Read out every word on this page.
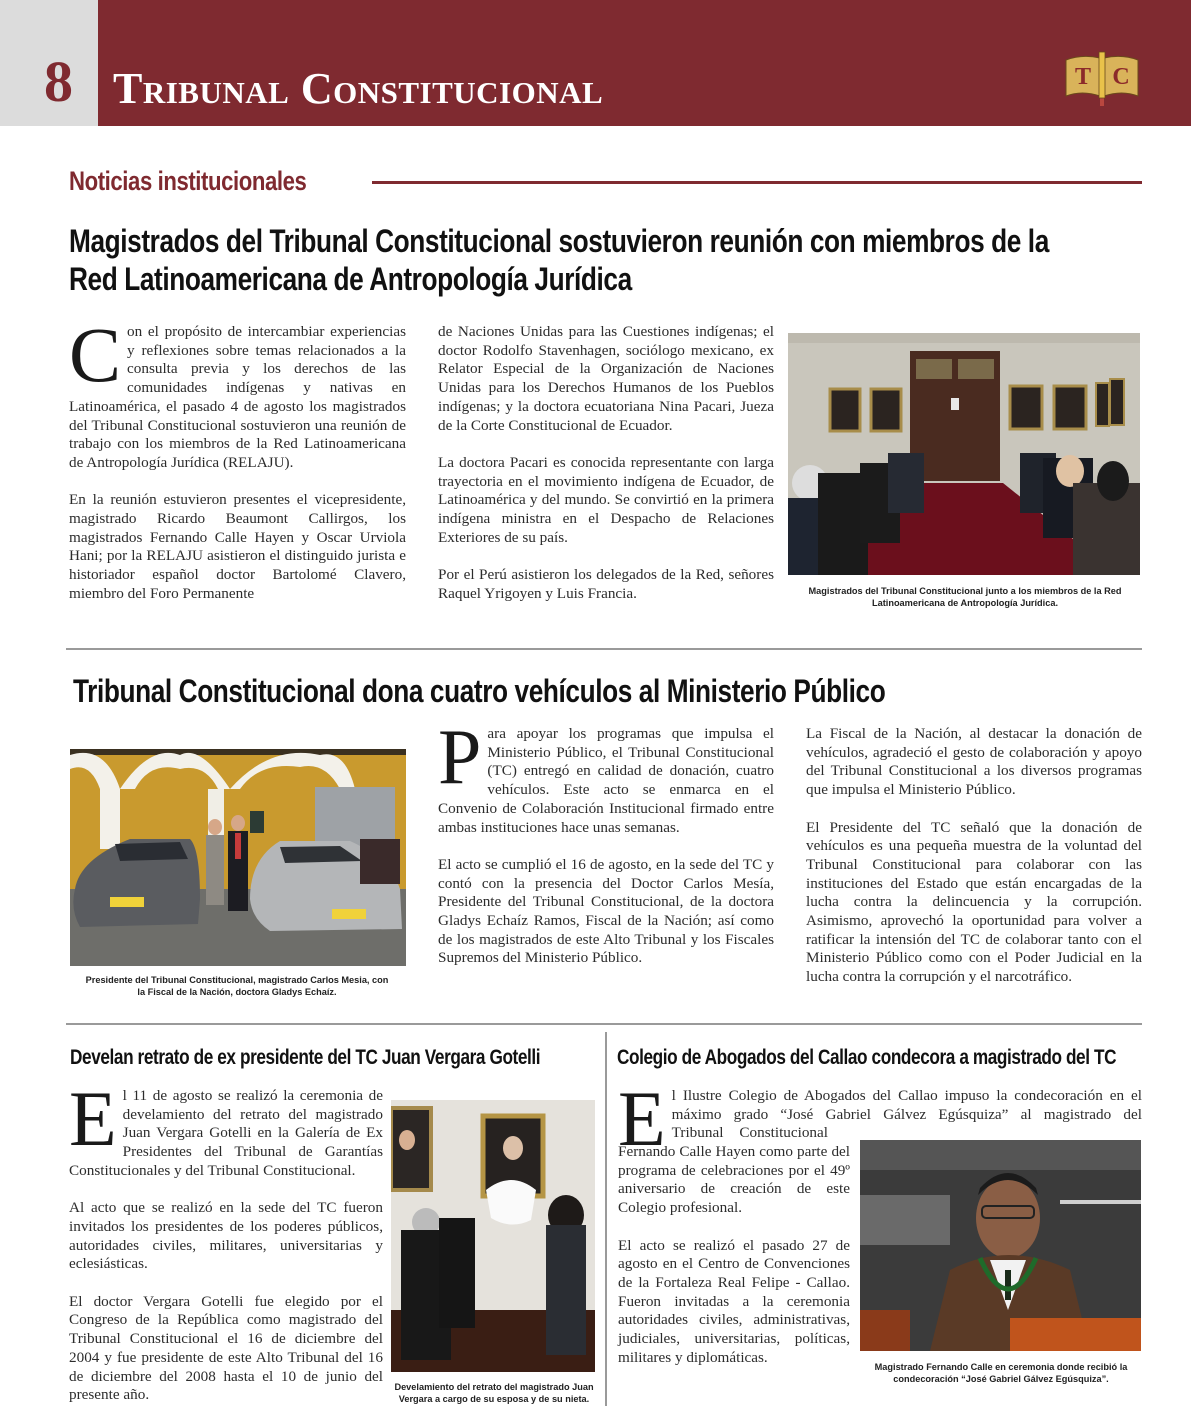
8 Tribunal Constitucional	T C
Noticias institucionales
Magistrados del Tribunal Constitucional sostuvieron reunión con miembros de la
Red Latinoamericana de Antropología Jurídica

Con el propósito de intercambiar experiencias y reflexiones sobre temas relacionados a la consulta previa y los derechos de las comunidades indígenas y nativas en Latinoamérica, el pasado 4 de agosto los magistrados del Tribunal Constitucional sostuvieron una reunión de trabajo con los miembros de la Red Latinoamericana de Antropología Jurídica (RELAJU).

En la reunión estuvieron presentes el vicepresidente, magistrado Ricardo Beaumont Callirgos, los magistrados Fernando Calle Hayen y Oscar Urviola Hani; por la RELAJU asistieron el distinguido jurista e historiador español doctor Bartolomé Clavero, miembro del Foro Permanente

de Naciones Unidas para las Cuestiones indígenas; el doctor Rodolfo Stavenhagen, sociólogo mexicano, ex Relator Especial de la Organización de Naciones Unidas para los Derechos Humanos de los Pueblos indígenas; y la doctora ecuatoriana Nina Pacari, Jueza de la Corte Constitucional de Ecuador.

La doctora Pacari es conocida representante con larga trayectoria en el movimiento indígena de Ecuador, de Latinoamérica y del mundo. Se convirtió en la primera indígena ministra en el Despacho de Relaciones Exteriores de su país.

Por el Perú asistieron los delegados de la Red, señores Raquel Yrigoyen y Luis Francia.	Magistrados del Tribunal Constitucional junto a los miembros de la Red Latinoamericana de Antropología Jurídica.
Tribunal Constitucional dona cuatro vehículos al Ministerio Público
Presidente del Tribunal Constitucional, magistrado Carlos Mesia, con la Fiscal de la Nación, doctora Gladys Echaíz.

Para apoyar los programas que impulsa el Ministerio Público, el Tribunal Constitucional (TC) entregó en calidad de donación, cuatro vehículos. Este acto se enmarca en el Convenio de Colaboración Institucional firmado entre ambas instituciones hace unas semanas.

El acto se cumplió el 16 de agosto, en la sede del TC y contó con la presencia del Doctor Carlos Mesía, Presidente del Tribunal Constitucional, de la doctora Gladys Echaíz Ramos, Fiscal de la Nación; así como de los magistrados de este Alto Tribunal y los Fiscales Supremos del Ministerio Público.

La Fiscal de la Nación, al destacar la donación de vehículos, agradeció el gesto de colaboración y apoyo del Tribunal Constitucional a los diversos programas que impulsa el Ministerio Público.

El Presidente del TC señaló que la donación de vehículos es una pequeña muestra de la voluntad del Tribunal Constitucional para colaborar con las instituciones del Estado que están encargadas de la lucha contra la delincuencia y la corrupción. Asimismo, aprovechó la oportunidad para volver a ratificar la intensión del TC de colaborar tanto con el Ministerio Público como con el Poder Judicial en la lucha contra la corrupción y el narcotráfico.

Develan retrato de ex presidente del TC Juan Vergara Gotelli

El 11 de agosto se realizó la ceremonia de develamiento del retrato del magistrado Juan Vergara Gotelli en la Galería de Ex Presidentes del Tribunal de Garantías Constitucionales y del Tribunal Constitucional.

Al acto que se realizó en la sede del TC fueron invitados los presidentes de los poderes públicos, autoridades civiles, militares, universitarias y eclesiásticas.

El doctor Vergara Gotelli fue elegido por el Congreso de la República como magistrado del Tribunal Constitucional el 16 de diciembre del 2004 y fue presidente de este Alto Tribunal del 16 de diciembre del 2008 hasta el 10 de junio del presente año.	Develamiento del retrato del magistrado Juan Vergara a cargo de su esposa y de su nieta.
Colegio de Abogados del Callao condecora a magistrado del TC
E l Ilustre Colegio de Abogados del Callao impuso la condecoración en el
máximo grado “José Gabriel Gálvez Egúsquiza” al magistrado del
Tribunal Constitucional

Fernando Calle Hayen como parte del programa de celebraciones por el 49º aniversario de creación de este Colegio profesional.

El acto se realizó el pasado 27 de agosto en el Centro de Convenciones de la Fortaleza Real Felipe - Callao. Fueron invitadas a la ceremonia autoridades civiles, administrativas, judiciales, universitarias, políticas, militares y diplomáticas.

Magistrado Fernando Calle en ceremonia donde recibió la condecoración “José Gabriel Gálvez Egúsquiza”.
